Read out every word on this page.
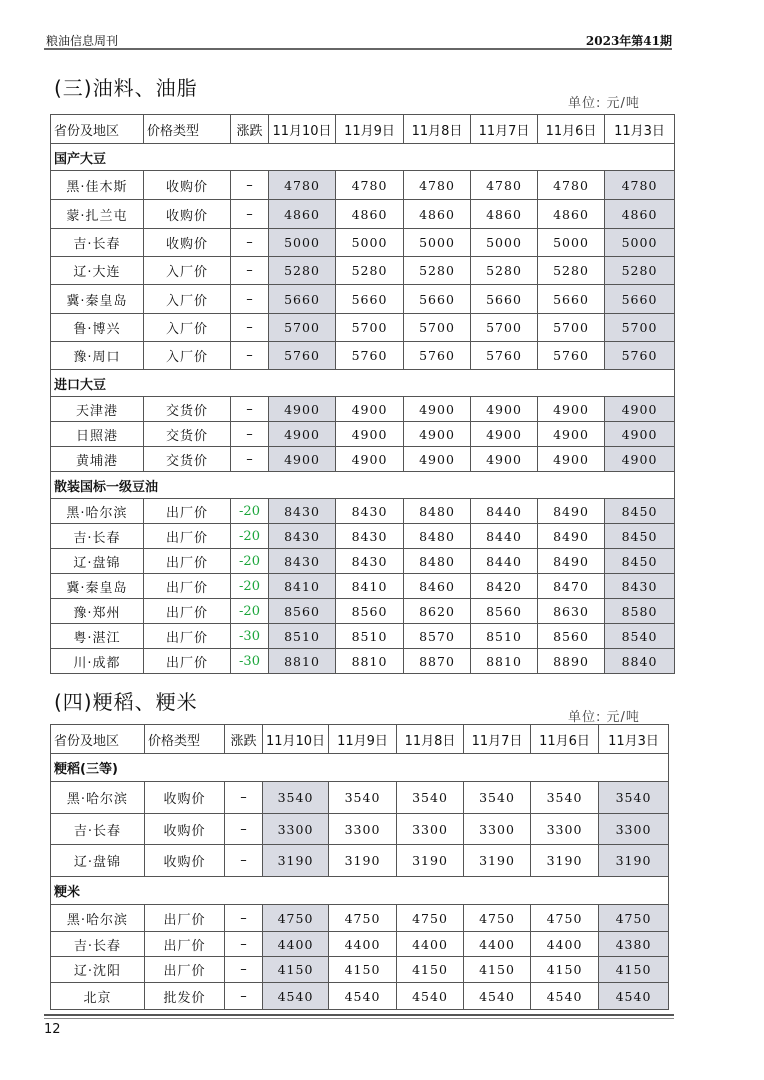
粮油信息周刊	2023年第41期
(三)油料、油脂
单位: 元/吨
省份及地区	价格类型	涨跌	11月10日	11月9日	11月8日	11月7日	11月6日	11月3日
国产大豆								
黑·佳木斯	收购价	–	4780	4780	4780	4780	4780	4780
蒙·扎兰屯	收购价	–	4860	4860	4860	4860	4860	4860
吉·长春	收购价	–	5000	5000	5000	5000	5000	5000
辽·大连	入厂价	–	5280	5280	5280	5280	5280	5280
冀·秦皇岛	入厂价	–	5660	5660	5660	5660	5660	5660
鲁·博兴	入厂价	–	5700	5700	5700	5700	5700	5700
豫·周口	入厂价	–	5760	5760	5760	5760	5760	5760
进口大豆								
天津港	交货价	–	4900	4900	4900	4900	4900	4900
日照港	交货价	–	4900	4900	4900	4900	4900	4900
黄埔港	交货价	–	4900	4900	4900	4900	4900	4900
散装国标一级豆油								
黑·哈尔滨	出厂价	-20	8430	8430	8480	8440	8490	8450
吉·长春	出厂价	-20	8430	8430	8480	8440	8490	8450
辽·盘锦	出厂价	-20	8430	8430	8480	8440	8490	8450
冀·秦皇岛	出厂价	-20	8410	8410	8460	8420	8470	8430
豫·郑州	出厂价	-20	8560	8560	8620	8560	8630	8580
粤·湛江	出厂价	-30	8510	8510	8570	8510	8560	8540
川·成都	出厂价	-30	8810	8810	8870	8810	8890	8840
(四)粳稻、粳米
单位: 元/吨
省份及地区	价格类型	涨跌	11月10日	11月9日	11月8日	11月7日	11月6日	11月3日
粳稻(三等)								
黑·哈尔滨	收购价	–	3540	3540	3540	3540	3540	3540
吉·长春	收购价	–	3300	3300	3300	3300	3300	3300
辽·盘锦	收购价	–	3190	3190	3190	3190	3190	3190
粳米								
黑·哈尔滨	出厂价	–	4750	4750	4750	4750	4750	4750
吉·长春	出厂价	–	4400	4400	4400	4400	4400	4380
辽·沈阳	出厂价	–	4150	4150	4150	4150	4150	4150
北京	批发价	–	4540	4540	4540	4540	4540	4540
12
